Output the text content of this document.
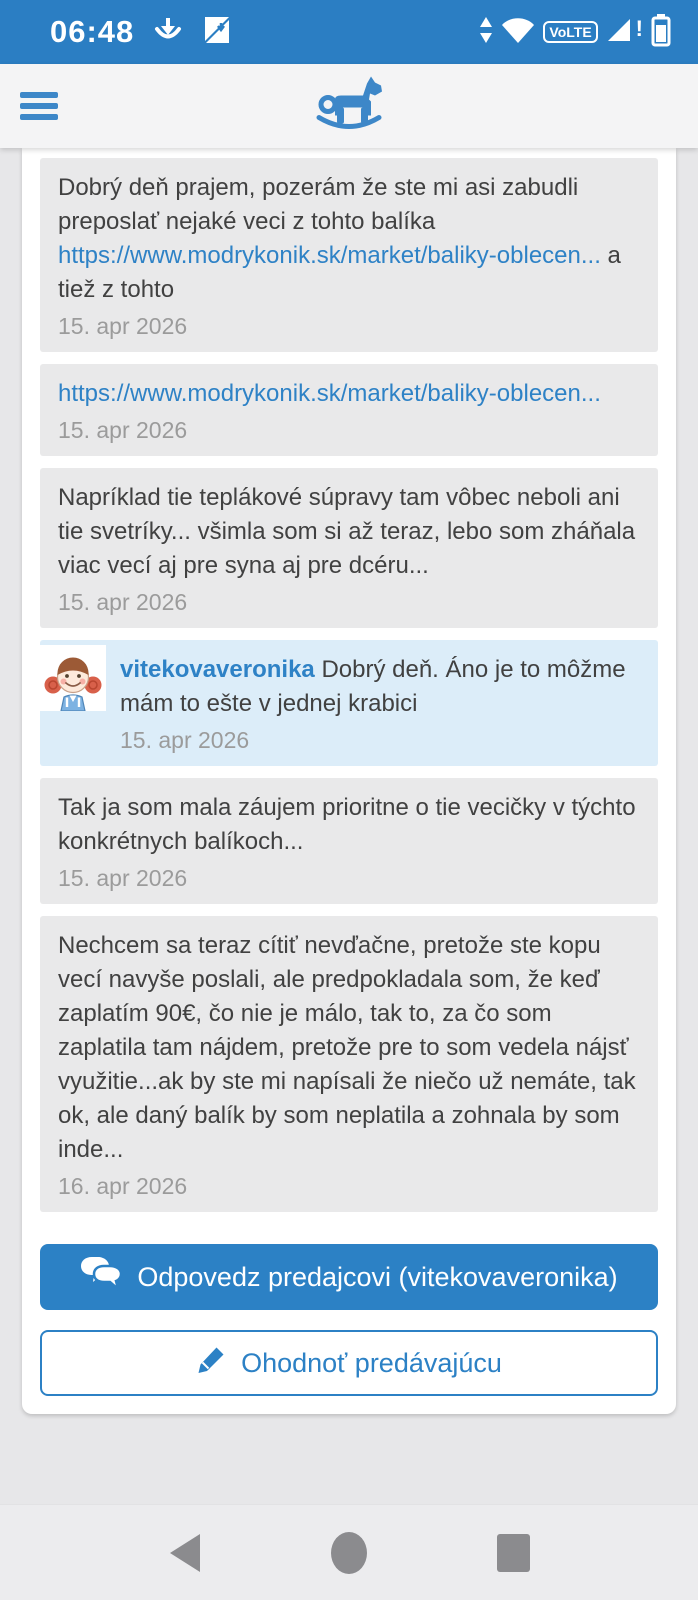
06:48	VoLTE !
Dobrý deň prajem, pozerám že ste mi asi zabudli preposlať nejaké veci z tohto balíka https://www.modrykonik.sk/market/baliky-oblecen... a tiež z tohto
15. apr 2026
https://www.modrykonik.sk/market/baliky-oblecen...
15. apr 2026
Napríklad tie teplákové súpravy tam vôbec neboli ani tie svetríky... všimla som si až teraz, lebo som zháňala viac vecí aj pre syna aj pre dcéru...
15. apr 2026
vitekovaveronika Dobrý deň. Áno je to môžme mám to ešte v jednej krabici
15. apr 2026
Tak ja som mala záujem prioritne o tie vecičky v týchto konkrétnych balíkoch...
15. apr 2026
Nechcem sa teraz cítiť nevďačne, pretože ste kopu vecí navyše poslali, ale predpokladala som, že keď zaplatím 90€, čo nie je málo, tak to, za čo som zaplatila tam nájdem, pretože pre to som vedela nájsť využitie...ak by ste mi napísali že niečo už nemáte, tak ok, ale daný balík by som neplatila a zohnala by som inde...
16. apr 2026
Odpovedz predajcovi (vitekovaveronika)
Ohodnoť predávajúcu
